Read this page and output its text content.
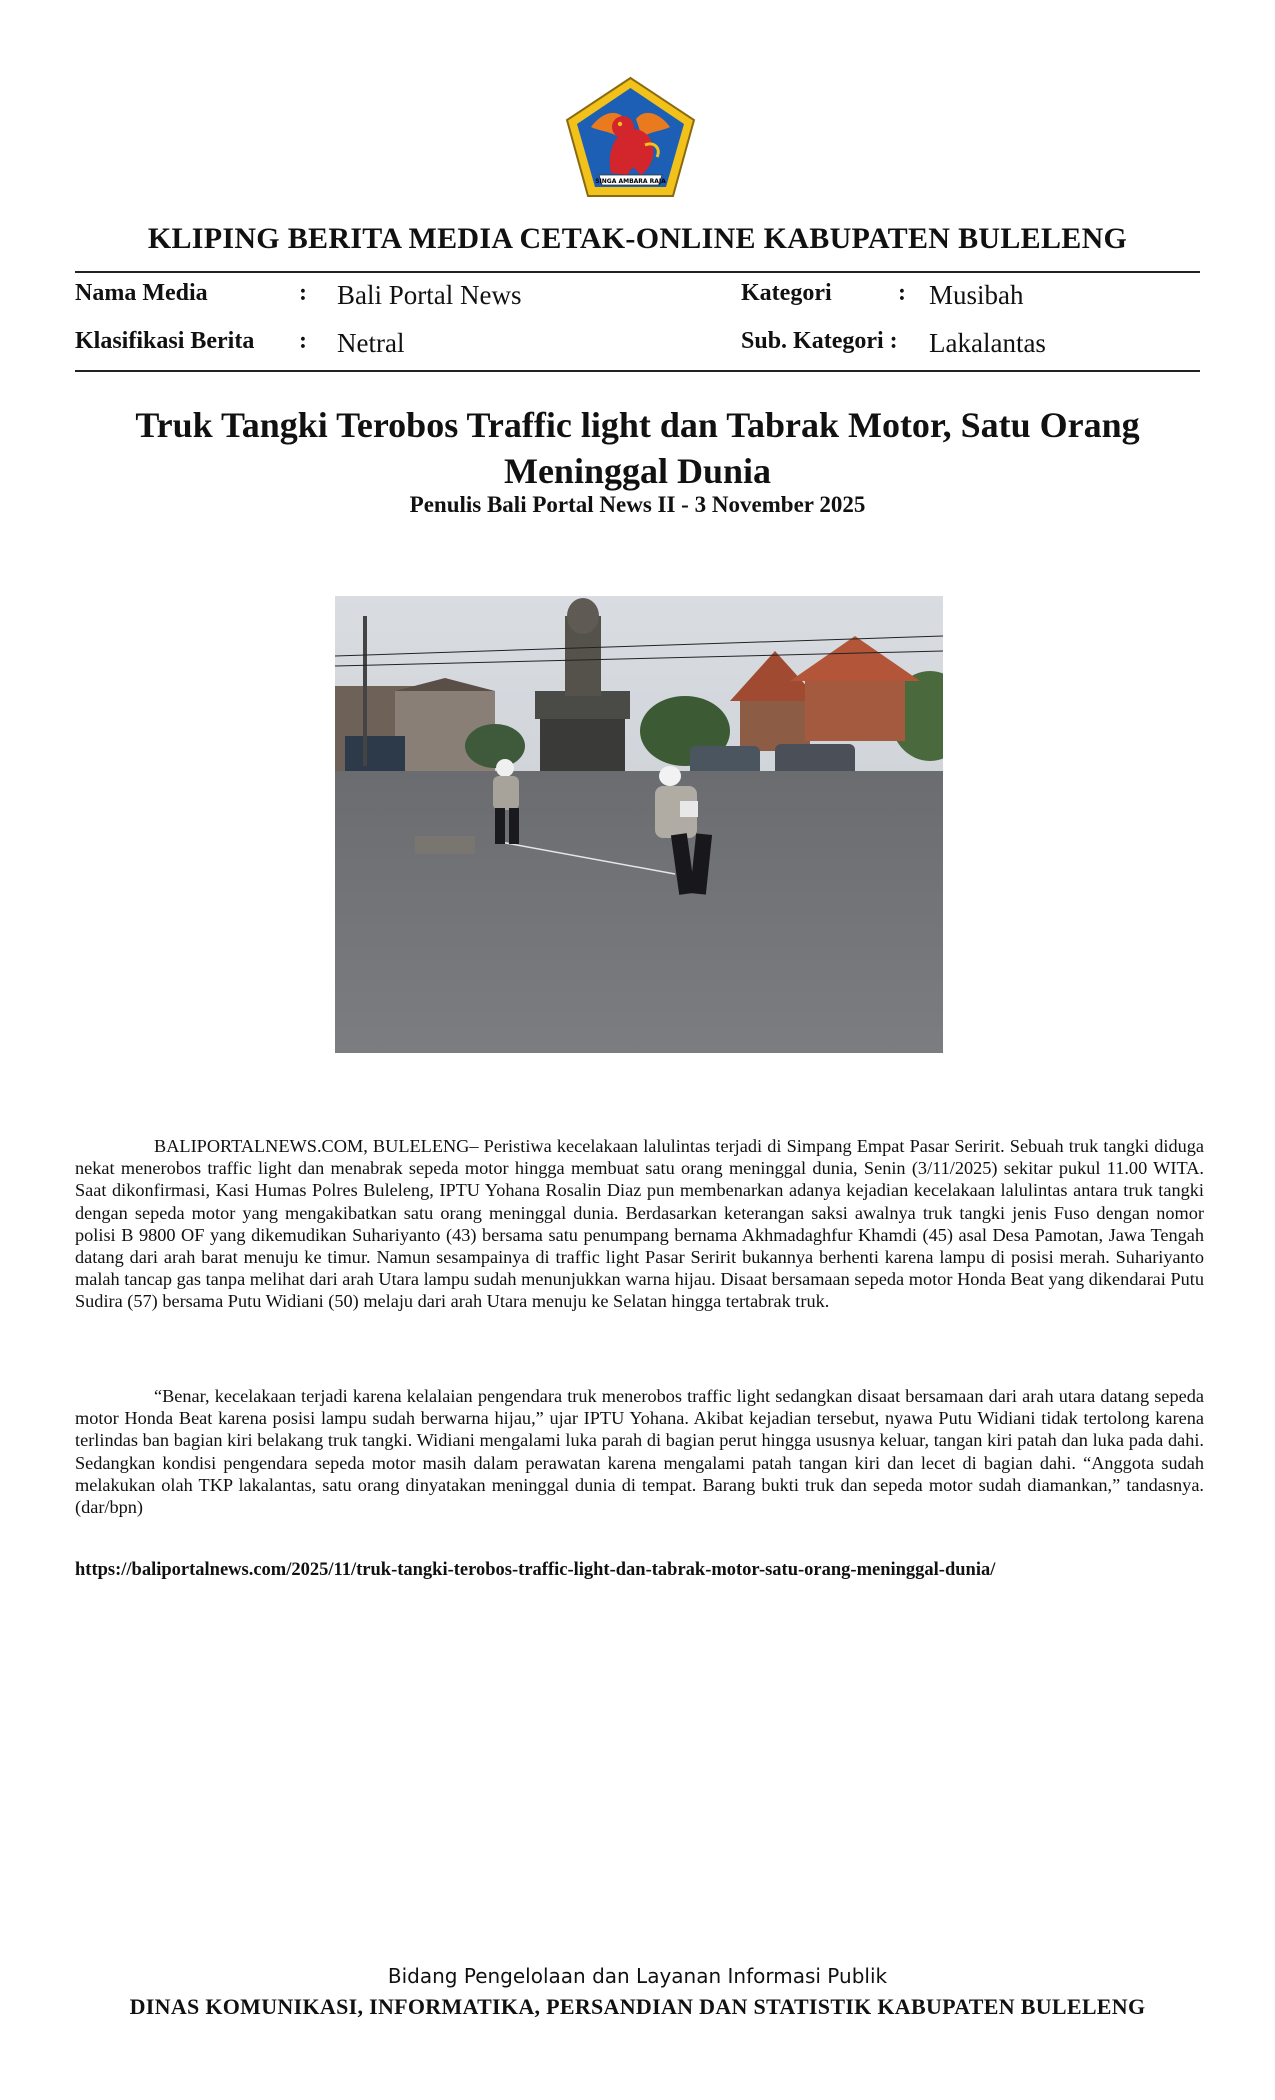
SINGA AMBARA RAJA
KLIPING BERITA MEDIA CETAK-ONLINE KABUPATEN BULELENG
Nama Media	: Bali Portal News	Kategori	: Musibah
Klasifikasi Berita : Netral	Sub. Kategori : Lakalantas
Truk Tangki Terobos Traffic light dan Tabrak Motor, Satu Orang Meninggal Dunia
Penulis Bali Portal News II - 3 November 2025
BALIPORTALNEWS.COM, BULELENG– Peristiwa kecelakaan lalulintas terjadi di Simpang Empat Pasar Seririt. Sebuah truk tangki diduga nekat menerobos traffic light dan menabrak sepeda motor hingga membuat satu orang meninggal dunia, Senin (3/11/2025) sekitar pukul 11.00 WITA. Saat dikonfirmasi, Kasi Humas Polres Buleleng, IPTU Yohana Rosalin Diaz pun membenarkan adanya kejadian kecelakaan lalulintas antara truk tangki dengan sepeda motor yang mengakibatkan satu orang meninggal dunia. Berdasarkan keterangan saksi awalnya truk tangki jenis Fuso dengan nomor polisi B 9800 OF yang dikemudikan Suhariyanto (43) bersama satu penumpang bernama Akhmadaghfur Khamdi (45) asal Desa Pamotan, Jawa Tengah datang dari arah barat menuju ke timur. Namun sesampainya di traffic light Pasar Seririt bukannya berhenti karena lampu di posisi merah. Suhariyanto malah tancap gas tanpa melihat dari arah Utara lampu sudah menunjukkan warna hijau. Disaat bersamaan sepeda motor Honda Beat yang dikendarai Putu Sudira (57) bersama Putu Widiani (50) melaju dari arah Utara menuju ke Selatan hingga tertabrak truk.
“Benar, kecelakaan terjadi karena kelalaian pengendara truk menerobos traffic light sedangkan disaat bersamaan dari arah utara datang sepeda motor Honda Beat karena posisi lampu sudah berwarna hijau,” ujar IPTU Yohana. Akibat kejadian tersebut, nyawa Putu Widiani tidak tertolong karena terlindas ban bagian kiri belakang truk tangki. Widiani mengalami luka parah di bagian perut hingga ususnya keluar, tangan kiri patah dan luka pada dahi. Sedangkan kondisi pengendara sepeda motor masih dalam perawatan karena mengalami patah tangan kiri dan lecet di bagian dahi. “Anggota sudah melakukan olah TKP lakalantas, satu orang dinyatakan meninggal dunia di tempat. Barang bukti truk dan sepeda motor sudah diamankan,” tandasnya.(dar/bpn)
https://baliportalnews.com/2025/11/truk-tangki-terobos-traffic-light-dan-tabrak-motor-satu-orang-meninggal-dunia/
Bidang Pengelolaan dan Layanan Informasi Publik
DINAS KOMUNIKASI, INFORMATIKA, PERSANDIAN DAN STATISTIK KABUPATEN BULELENG
